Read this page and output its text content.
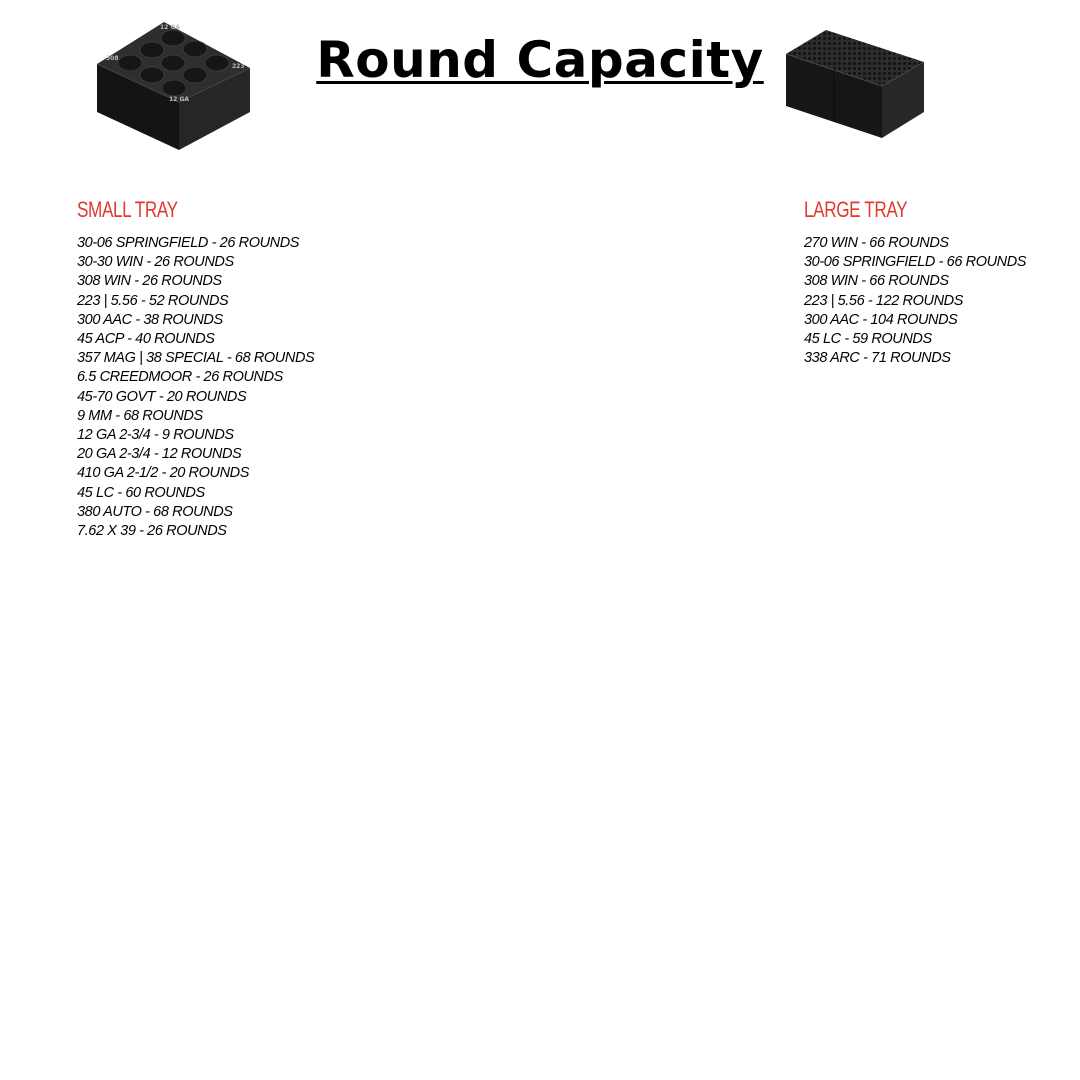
Round Capacity
12 GA
12 GA
308
223
SMALL TRAY
30-06 SPRINGFIELD - 26 ROUNDS
30-30 WIN - 26 ROUNDS
308 WIN - 26 ROUNDS
223 | 5.56 - 52 ROUNDS
300 AAC - 38 ROUNDS
45 ACP - 40 ROUNDS
357 MAG | 38 SPECIAL - 68 ROUNDS
6.5 CREEDMOOR - 26 ROUNDS
45-70 GOVT - 20 ROUNDS
9 MM - 68 ROUNDS
12 GA 2-3/4 - 9 ROUNDS
20 GA 2-3/4 - 12 ROUNDS
410 GA 2-1/2 - 20 ROUNDS
45 LC - 60 ROUNDS
380 AUTO - 68 ROUNDS
7.62 X 39 - 26 ROUNDS
LARGE TRAY
270 WIN - 66 ROUNDS
30-06 SPRINGFIELD - 66 ROUNDS
308 WIN - 66 ROUNDS
223 | 5.56 - 122 ROUNDS
300 AAC - 104 ROUNDS
45 LC - 59 ROUNDS
338 ARC - 71 ROUNDS
